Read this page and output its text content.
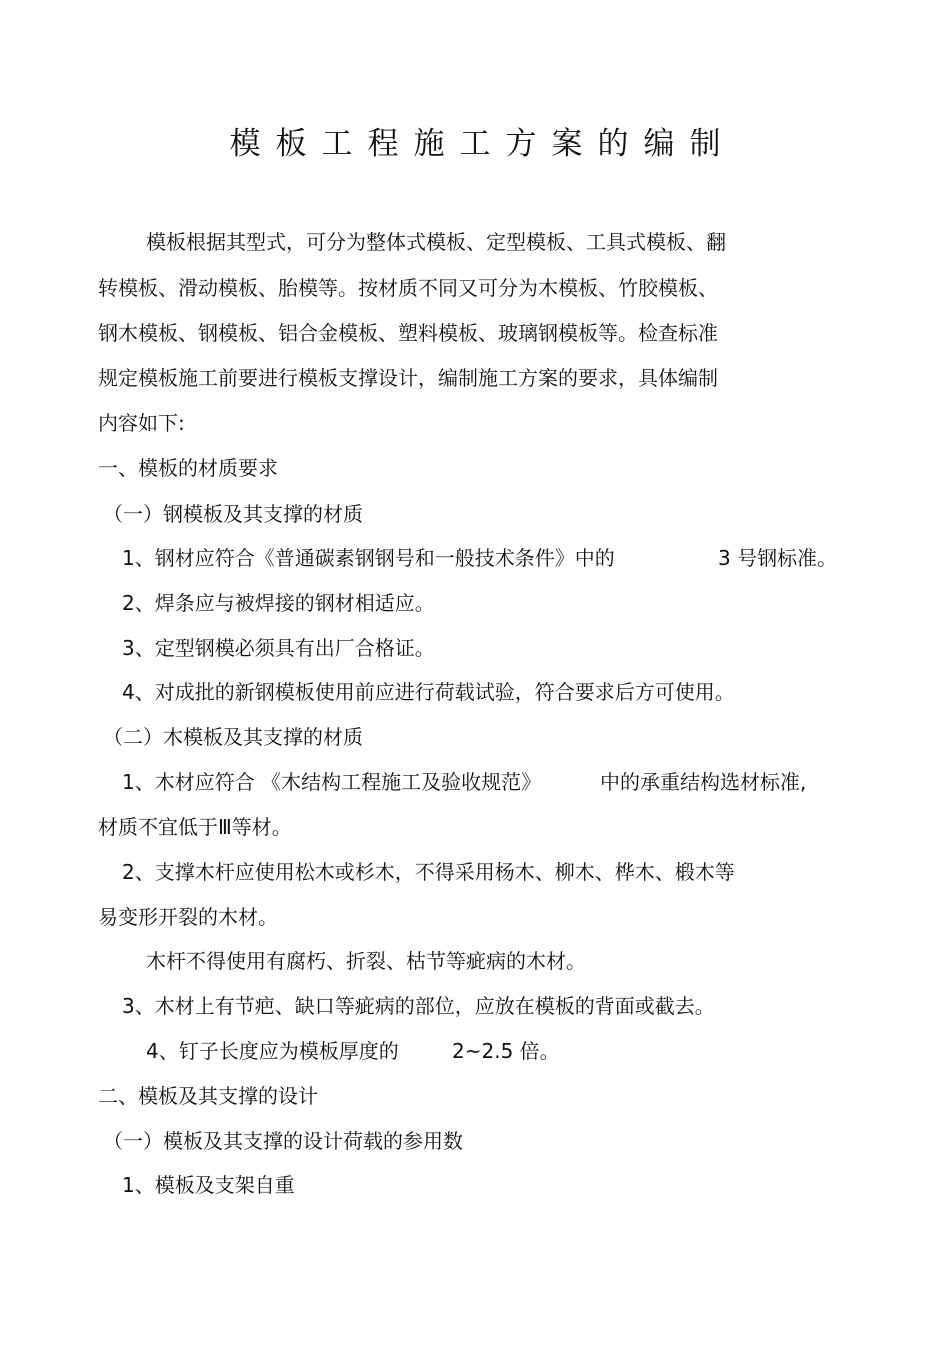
模板工程施工方案的编制
模板根据其型式，可分为整体式模板、定型模板、工具式模板、翻
转模板、滑动模板、胎模等。按材质不同又可分为木模板、竹胶模板、
钢木模板、钢模板、铝合金模板、塑料模板、玻璃钢模板等。检查标准
规定模板施工前要进行模板支撑设计，编制施工方案的要求，具体编制
内容如下:
一、模板的材质要求
（一）钢模板及其支撑的材质
1、钢材应符合《普通碳素钢钢号和一般技术条件》中的	3 号钢标准。
2、焊条应与被焊接的钢材相适应。
3、定型钢模必须具有出厂合格证。
4、对成批的新钢模板使用前应进行荷载试验，符合要求后方可使用。
（二）木模板及其支撑的材质
1、木材应符合 《木结构工程施工及验收规范》	中的承重结构选材标准,
材质不宜低于Ⅲ等材。
2、支撑木杆应使用松木或杉木，不得采用杨木、柳木、桦木、椴木等
易变形开裂的木材。
木杆不得使用有腐朽、折裂、枯节等疵病的木材。
3、木材上有节疤、缺口等疵病的部位，应放在模板的背面或截去。
4、钉子长度应为模板厚度的	2~2.5 倍。
二、模板及其支撑的设计
（一）模板及其支撑的设计荷载的参用数
1、模板及支架自重
